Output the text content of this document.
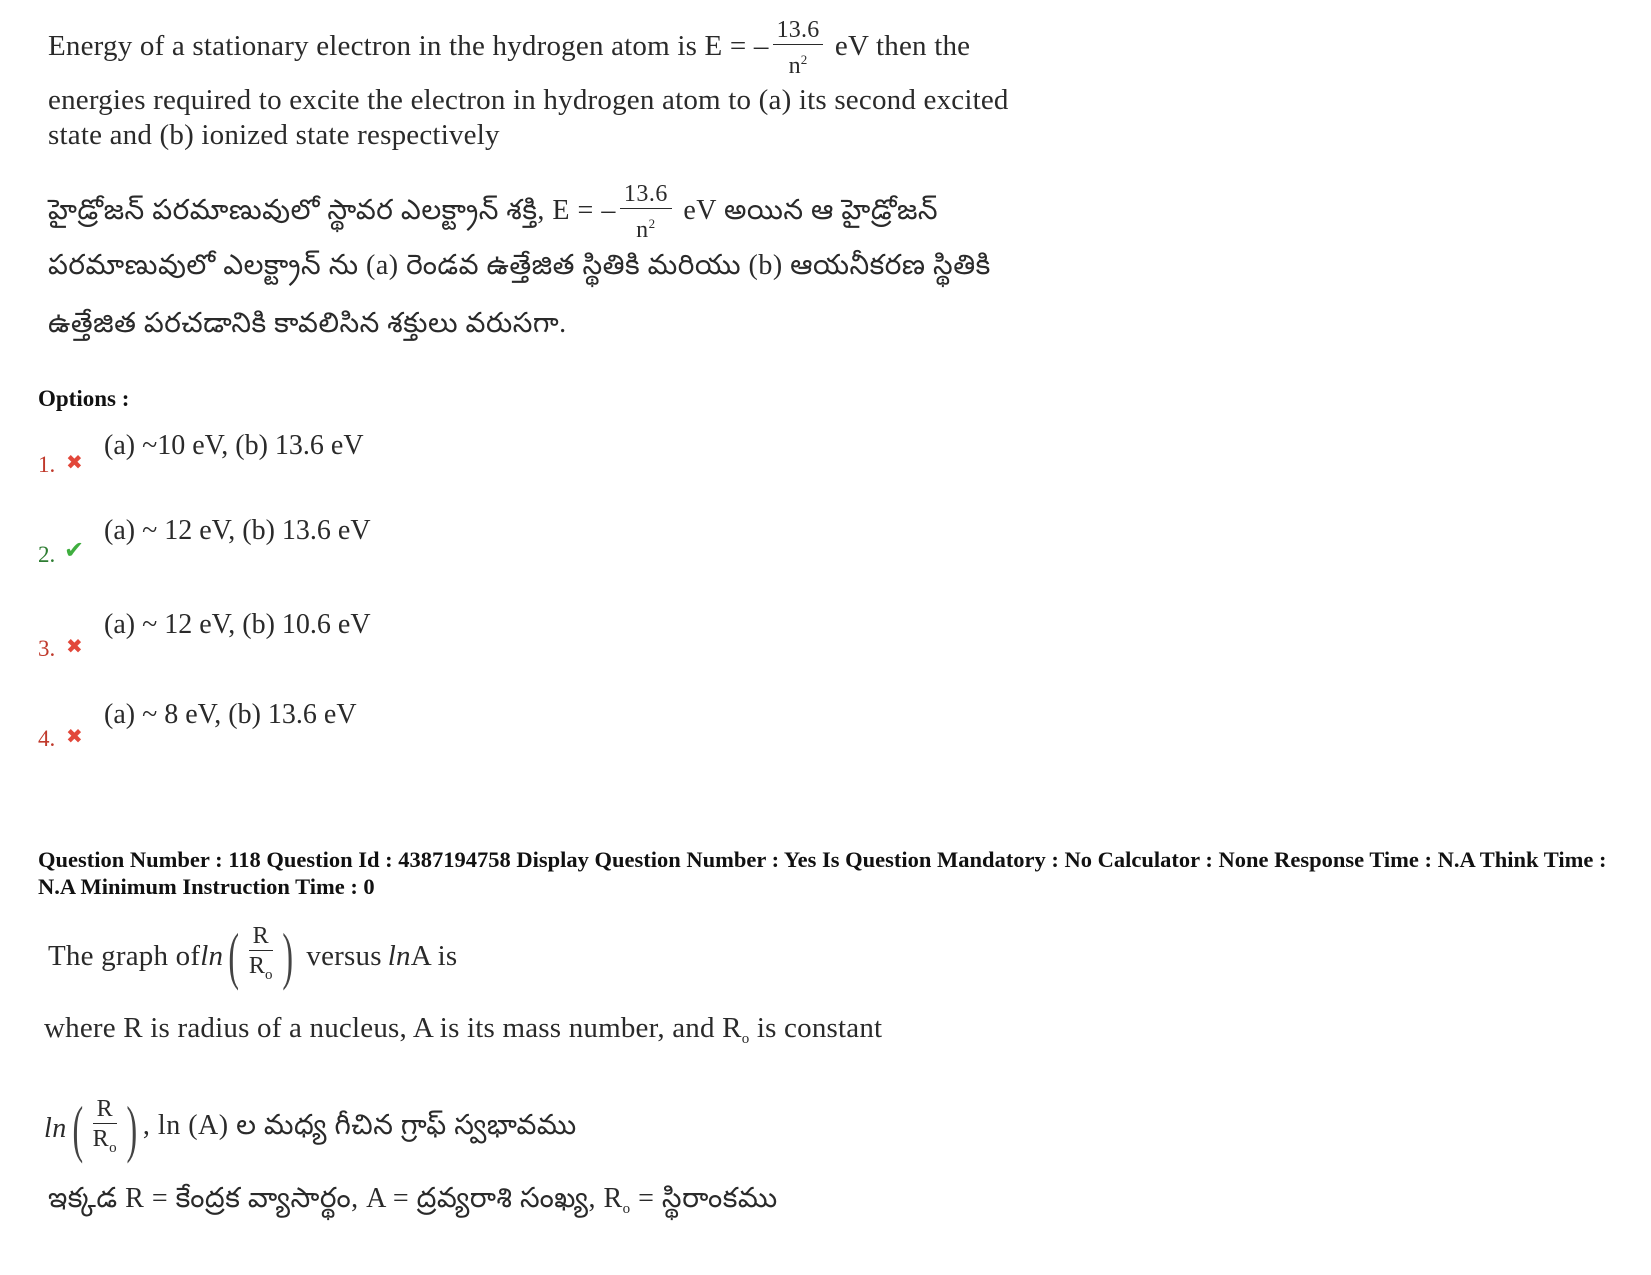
Energy of a stationary electron in the hydrogen atom is E = – $\frac{13.6}{n^2}$ eV then the
energies required to excite the electron in hydrogen atom to (a) its second excited
state and (b) ionized state respectively
హైడ్రోజన్ పరమాణువులో స్థావర ఎలక్ట్రాన్ శక్తి, E = – $\frac{13.6}{n^2}$ eV అయిన ఆ హైడ్రోజన్
పరమాణువులో ఎలక్ట్రాన్ ను (a) రెండవ ఉత్తేజిత స్థితికి మరియు (b) ఆయనీకరణ స్థితికి
ఉత్తేజిత పరచడానికి కావలిసిన శక్తులు వరుసగా.
Options :
1. ✖
(a) ~10 eV, (b) 13.6 eV
2. ✔
(a) ~ 12 eV, (b) 13.6 eV
3. ✖
(a) ~ 12 eV, (b) 10.6 eV
4. ✖
(a) ~ 8 eV, (b) 13.6 eV
Question Number : 118 Question Id : 4387194758 Display Question Number : Yes Is Question Mandatory : No Calculator : None Response Time : N.A Think Time : N.A Minimum Instruction Time : 0
The graph of ln ( $\frac{R}{R_o}$ ) versus ln A is
where R is radius of a nucleus, A is its mass number, and $R_o$ is constant
ln ( $\frac{R}{R_o}$ ) , ln (A) ల మధ్య గీచిన గ్రాఫ్ స్వభావము
ఇక్కడ R = కేంద్రక వ్యాసార్థం, A = ద్రవ్యరాశి సంఖ్య, $R_o$ = స్థిరాంకము
